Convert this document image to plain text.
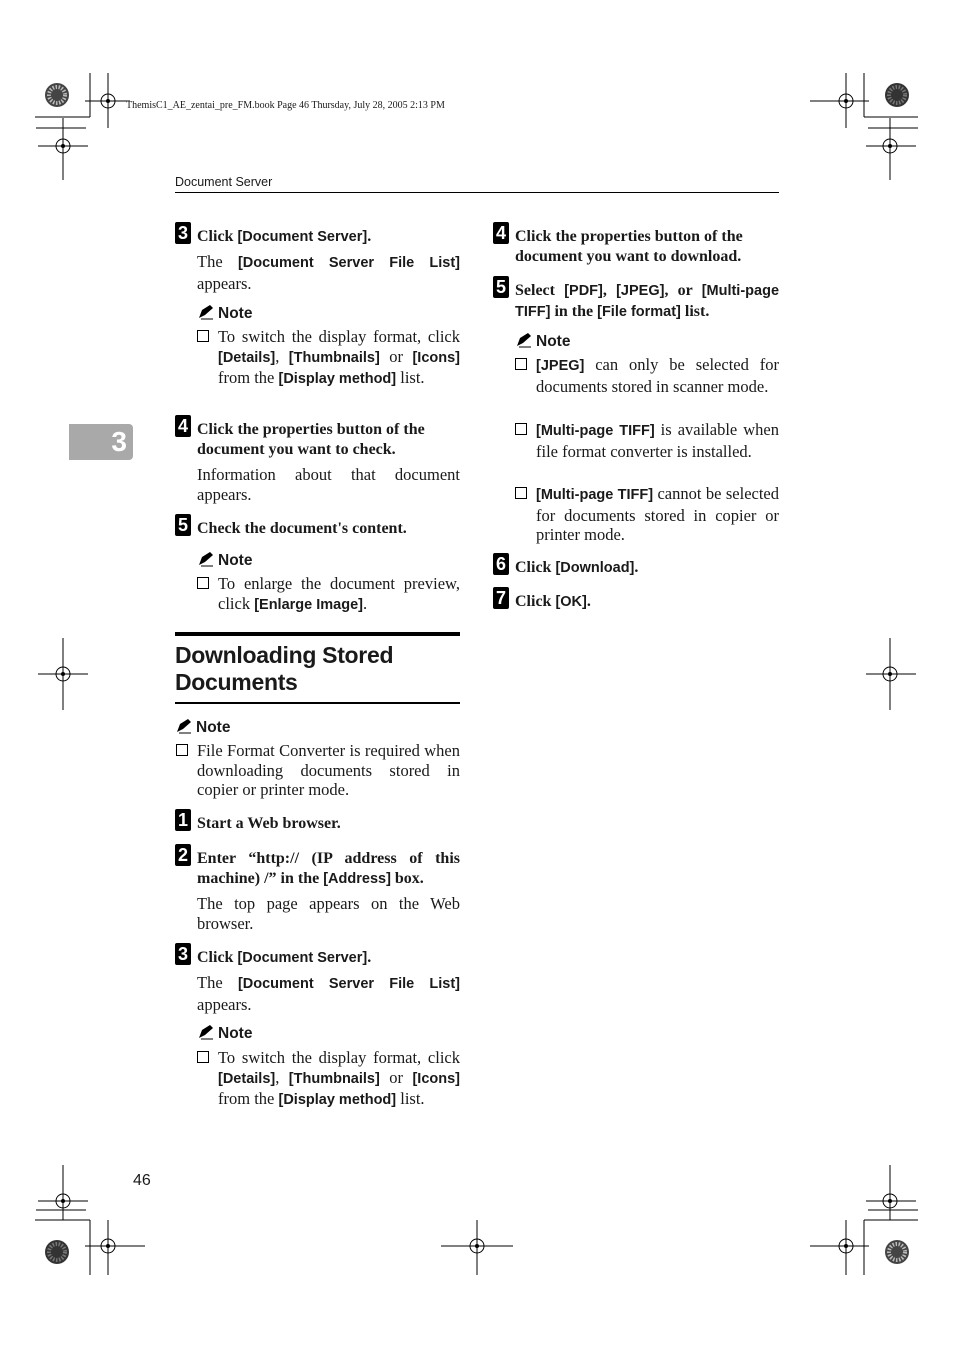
ThemisC1_AE_zentai_pre_FM.book Page 46 Thursday, July 28, 2005 2:13 PM
Document Server
3
3 Click [Document Server].
The [Document Server File List] appears.
Note
To switch the display format, click [Details], [Thumbnails] or [Icons] from the [Display method] list.
4 Click the properties button of the document you want to check.
Information about that document appears.
5 Check the document's content.
Note
To enlarge the document preview, click [Enlarge Image].
Downloading Stored Documents
Note
File Format Converter is required when downloading documents stored in copier or printer mode.
1 Start a Web browser.
2 Enter “http:// (IP address of this machine) /” in the [Address] box.
The top page appears on the Web browser.
3 Click [Document Server].
The [Document Server File List] appears.
Note
To switch the display format, click [Details], [Thumbnails] or [Icons] from the [Display method] list.
4 Click the properties button of the document you want to download.
5 Select [PDF], [JPEG], or [Multi-page TIFF] in the [File format] list.
Note
[JPEG] can only be selected for documents stored in scanner mode.
[Multi-page TIFF] is available when file format converter is installed.
[Multi-page TIFF] cannot be selected for documents stored in copier or printer mode.
6 Click [Download].
7 Click [OK].
46
